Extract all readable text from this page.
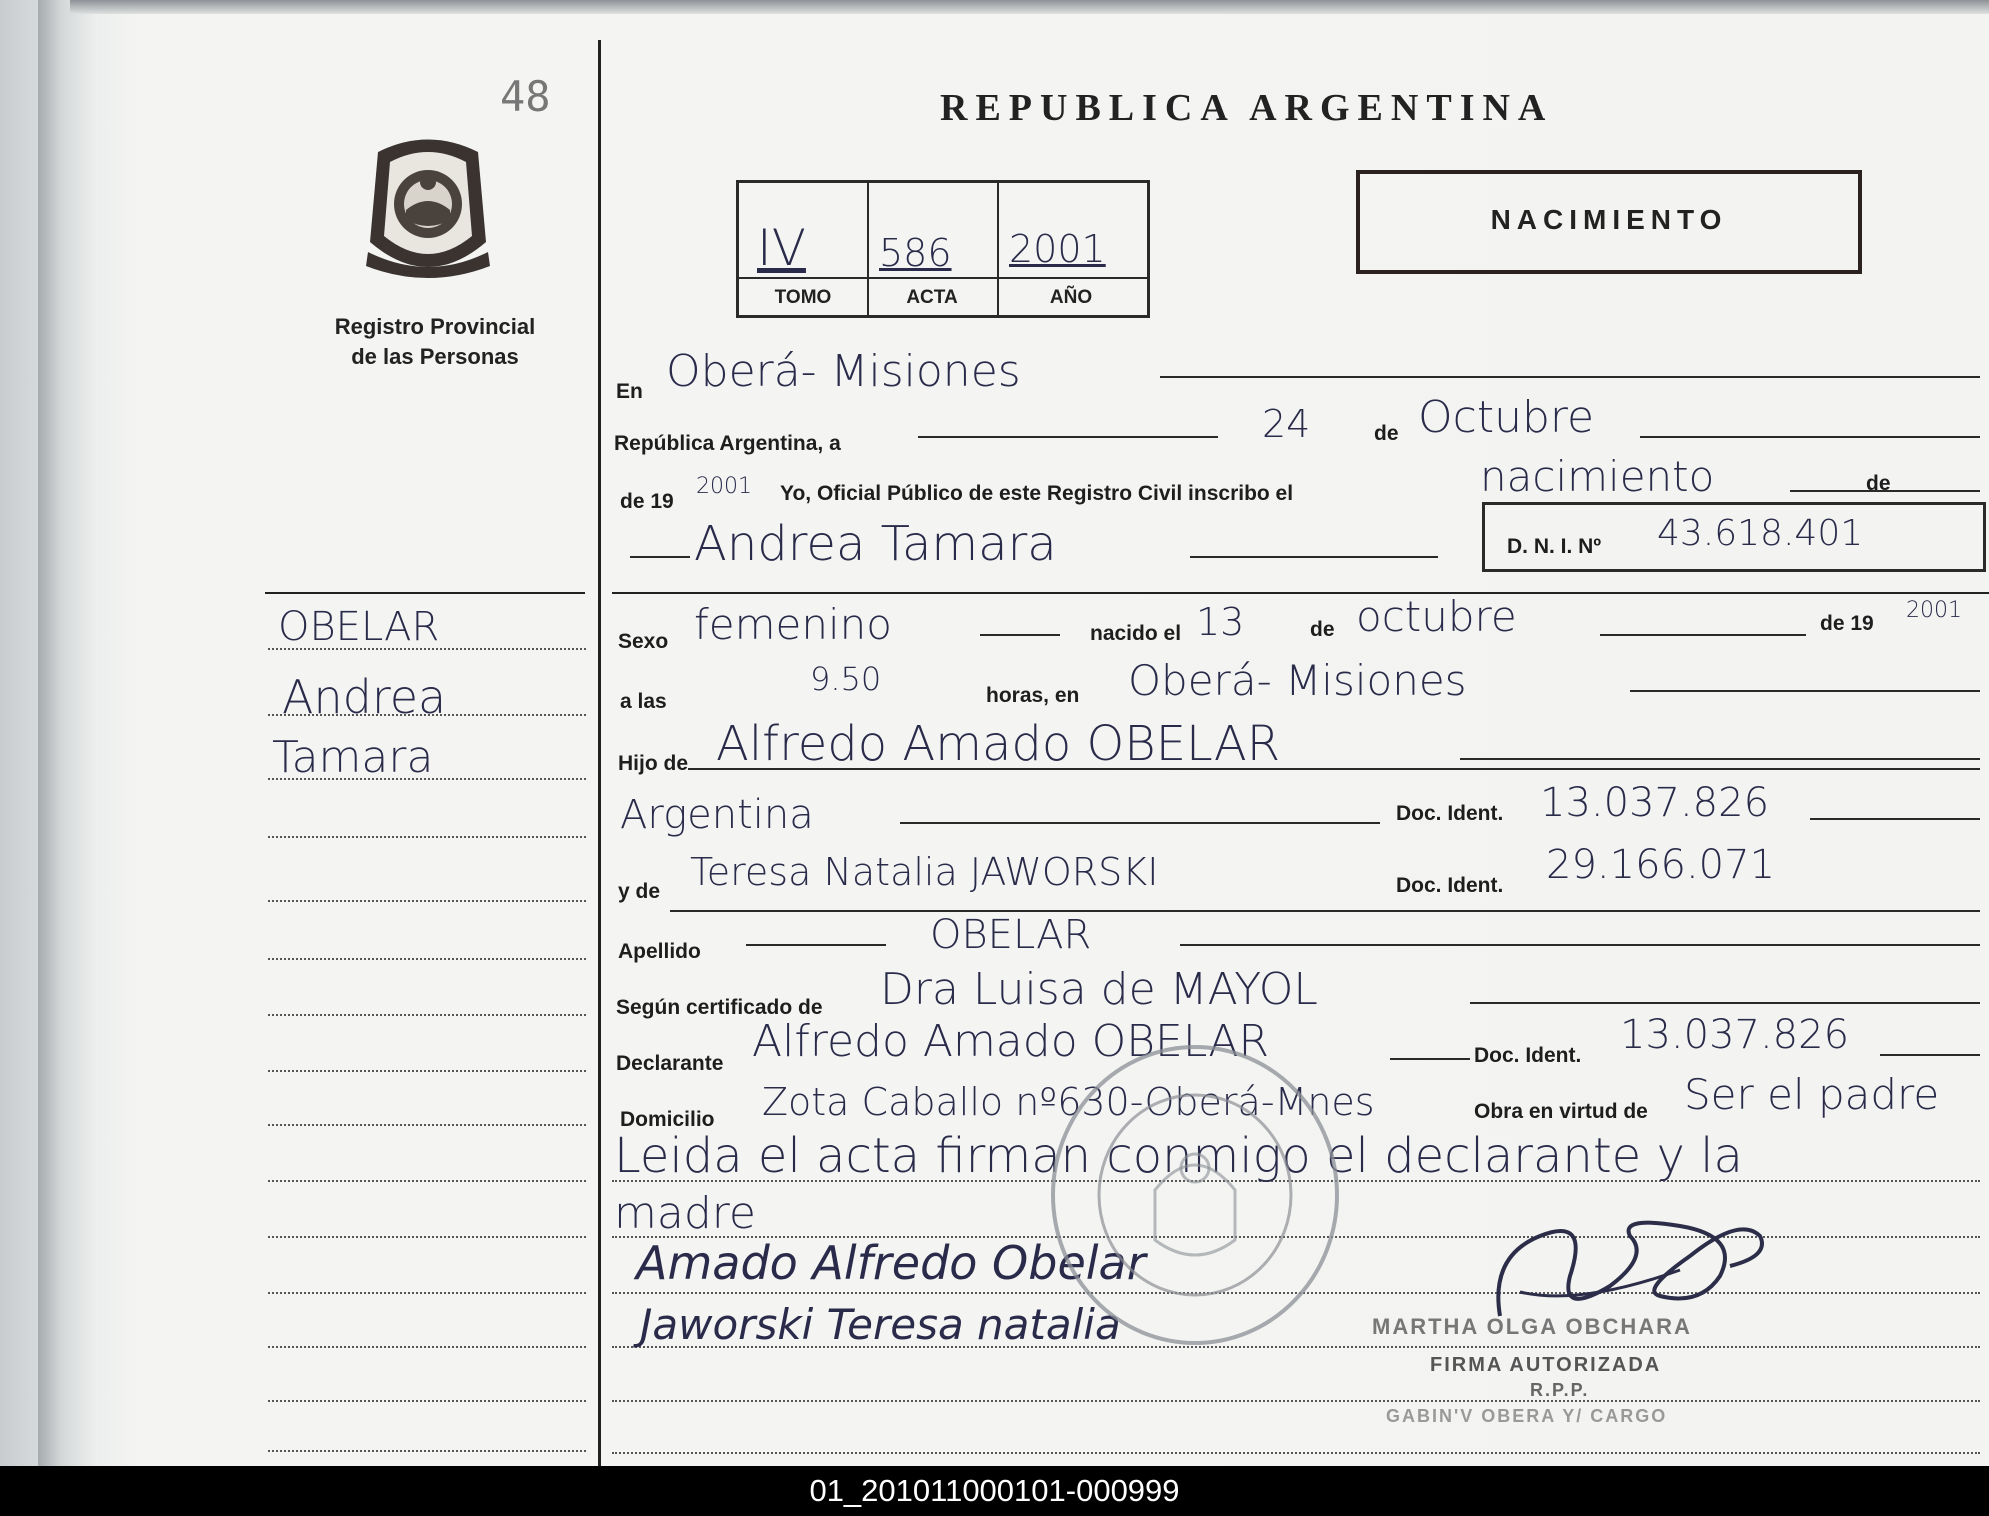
48
Registro Provincial
de las Personas
REPUBLICA ARGENTINA
IV
TOMO
586
ACTA
2001
AÑO
NACIMIENTO
OBELAR
Andrea
Tamara
En Oberá- Misiones
República Argentina, a	24	de Octubre
de 19
2001 Yo, Oficial Público de este Registro Civil inscribo el	nacimiento	de
Andrea Tamara	D. N. I. Nº 43.618.401
Sexo femenino	nacido el 13	de octubre	de 19
2001
a las
9.50	horas, en Oberá- Misiones
Hijo de Alfredo Amado OBELAR
Argentina	Doc. Ident. 13.037.826
y de Teresa Natalia JAWORSKI	Doc. Ident. 29.166.071
Apellido	OBELAR
Según certificado de Dra Luisa de MAYOL
Declarante Alfredo Amado OBELAR	Doc. Ident. 13.037.826
Domicilio Zota Caballo nº630-Oberá-Mnes	Obra en virtud de Ser el padre
Leida el acta firman conmigo el declarante y la
madre
Amado Alfredo Obelar
Jaworski Teresa natalia	MARTHA OLGA OBCHARA
FIRMA AUTORIZADA
R.P.P.
GABIN'V OBERA Y/ CARGO
01_201011000101-000999
